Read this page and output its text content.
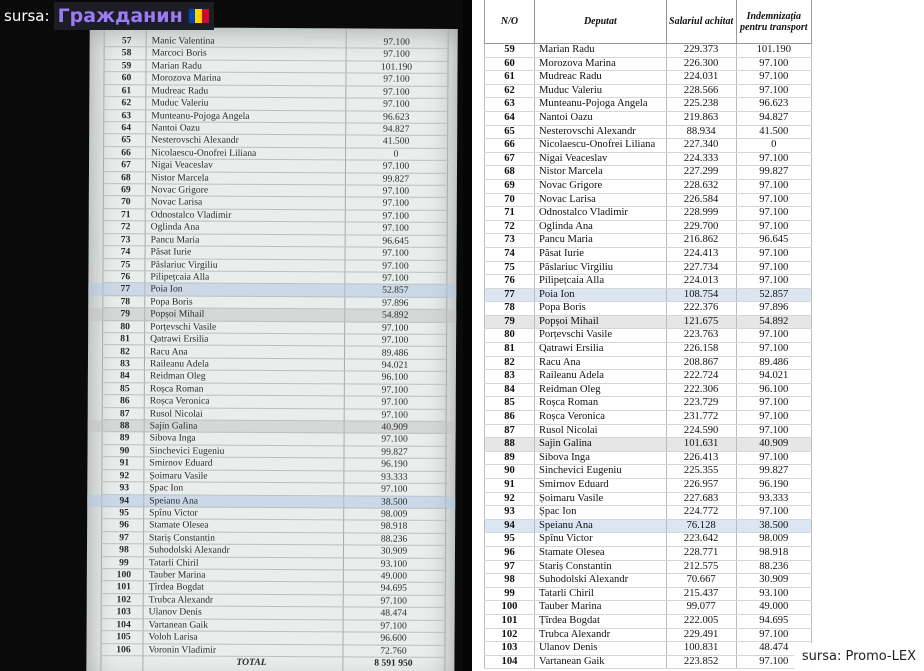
57	Manic Valentina	97.100
58	Marcoci Boris	97.100
59	Marian Radu	101.190
60	Morozova Marina	97.100
61	Mudreac Radu	97.100
62	Muduc Valeriu	97.100
63	Munteanu-Pojoga Angela	96.623
64	Nantoi Oazu	94.827
65	Nesterovschi Alexandr	41.500
66	Nicolaescu-Onofrei Liliana	0
67	Nigai Veaceslav	97.100
68	Nistor Marcela	99.827
69	Novac Grigore	97.100
70	Novac Larisa	97.100
71	Odnostalco Vladimir	97.100
72	Oglinda Ana	97.100
73	Pancu Maria	96.645
74	Păsat Iurie	97.100
75	Păslariuc Virgiliu	97.100
76	Pilipețcaia Alla	97.100
77	Poia Ion	52.857
78	Popa Boris	97.896
79	Popșoi Mihail	54.892
80	Porțevschi Vasile	97.100
81	Qatrawi Ersilia	97.100
82	Racu Ana	89.486
83	Raileanu Adela	94.021
84	Reidman Oleg	96.100
85	Roșca Roman	97.100
86	Roșca Veronica	97.100
87	Rusol Nicolai	97.100
88	Sajin Galina	40.909
89	Sibova Inga	97.100
90	Sinchevici Eugeniu	99.827
91	Smirnov Eduard	96.190
92	Șoimaru Vasile	93.333
93	Șpac Ion	97.100
94	Speianu Ana	38.500
95	Spînu Victor	98.009
96	Stamate Olesea	98.918
97	Stariș Constantin	88.236
98	Suhodolski Alexandr	30.909
99	Tatarli Chiril	93.100
100	Tauber Marina	49.000
101	Țîrdea Bogdat	94.695
102	Trubca Alexandr	97.100
103	Ulanov Denis	48.474
104	Vartanean Gaik	97.100
105	Voloh Larisa	96.600
106	Voronin Vladimir	72.760
TOTAL	8 591 950
sursa: Гражданин	N/O	Deputat	Salariul achitat	Indemnizația pentru transport
59	Marian Radu	229.373	101.190
60	Morozova Marina	226.300	97.100
61	Mudreac Radu	224.031	97.100
62	Muduc Valeriu	228.566	97.100
63	Munteanu-Pojoga Angela	225.238	96.623
64	Nantoi Oazu	219.863	94.827
65	Nesterovschi Alexandr	88.934	41.500
66	Nicolaescu-Onofrei Liliana	227.340	0
67	Nigai Veaceslav	224.333	97.100
68	Nistor Marcela	227.299	99.827
69	Novac Grigore	228.632	97.100
70	Novac Larisa	226.584	97.100
71	Odnostalco Vladimir	228.999	97.100
72	Oglinda Ana	229.700	97.100
73	Pancu Maria	216.862	96.645
74	Păsat Iurie	224.413	97.100
75	Păslariuc Virgiliu	227.734	97.100
76	Pilipețcaia Alla	224.013	97.100
77	Poia Ion	108.754	52.857
78	Popa Boris	222.376	97.896
79	Popșoi Mihail	121.675	54.892
80	Porțevschi Vasile	223.763	97.100
81	Qatrawi Ersilia	226.158	97.100
82	Racu Ana	208.867	89.486
83	Raileanu Adela	222.724	94.021
84	Reidman Oleg	222.306	96.100
85	Roșca Roman	223.729	97.100
86	Roșca Veronica	231.772	97.100
87	Rusol Nicolai	224.590	97.100
88	Sajin Galina	101.631	40.909
89	Sibova Inga	226.413	97.100
90	Sinchevici Eugeniu	225.355	99.827
91	Smirnov Eduard	226.957	96.190
92	Șoimaru Vasile	227.683	93.333
93	Șpac Ion	224.772	97.100
94	Speianu Ana	76.128	38.500
95	Spînu Victor	223.642	98.009
96	Stamate Olesea	228.771	98.918
97	Stariș Constantin	212.575	88.236
98	Suhodolski Alexandr	70.667	30.909
99	Tatarli Chiril	215.437	93.100
100	Tauber Marina	99.077	49.000
101	Țîrdea Bogdat	222.005	94.695
102	Trubca Alexandr	229.491	97.100
103	Ulanov Denis	100.831	48.474
104	Vartanean Gaik	223.852	97.100	sursa: Promo-LEX
